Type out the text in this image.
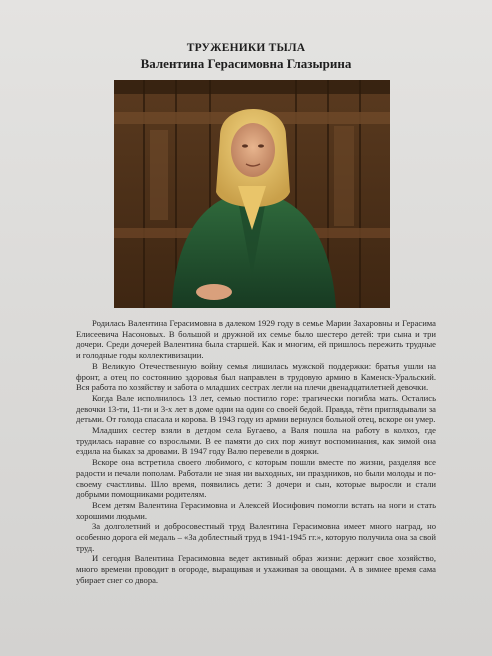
ТРУЖЕНИКИ ТЫЛА
Валентина Герасимовна Глазырина

Родилась Валентина Герасимовна в далеком 1929 году в семье Марии Захаровны и Герасима Елисеевича Насоновых. В большой и дружной их семье было шестеро детей: три сына и три дочери. Среди дочерей Валентина была старшей. Как и многим, ей пришлось пережить трудные и голодные годы коллективизации.

В Великую Отечественную войну семья лишилась мужской поддержки: братья ушли на фронт, а отец по состоянию здоровья был направлен в трудовую армию в Каменск-Уральский. Вся работа по хозяйству и забота о младших сестрах легли на плечи двенадцатилетней девочки.

Когда Вале исполнилось 13 лет, семью постигло горе: трагически погибла мать. Остались девочки 13-ти, 11-ти и 3-х лет в доме одни на один со своей бедой. Правда, тёти приглядывали за детьми. От голода спасала и корова. В 1943 году из армии вернулся больной отец, вскоре он умер.

Младших сестер взяли в детдом села Бугаево, а Валя пошла на работу в колхоз, где трудилась наравне со взрослыми. В ее памяти до сих пор живут воспоминания, как зимой она ездила на быках за дровами. В 1947 году Валю перевели в доярки.

Вскоре она встретила своего любимого, с которым пошли вместе по жизни, разделяя все радости и печали пополам. Работали не зная ни выходных, ни праздников, но были молоды и по-своему счастливы. Шло время, появились дети: 3 дочери и сын, которые выросли и стали добрыми помощниками родителям.

Всем детям Валентина Герасимовна и Алексей Иосифович помогли встать на ноги и стать хорошими людьми.

За долголетний и добросовестный труд Валентина Герасимовна имеет много наград, но особенно дорога ей медаль – «За доблестный труд в 1941-1945 гг.», которую получила она за свой труд.

И сегодня Валентина Герасимовна ведет активный образ жизни: держит свое хозяйство, много времени проводит в огороде, выращивая и ухаживая за овощами. А в зимнее время сама убирает снег со двора.
